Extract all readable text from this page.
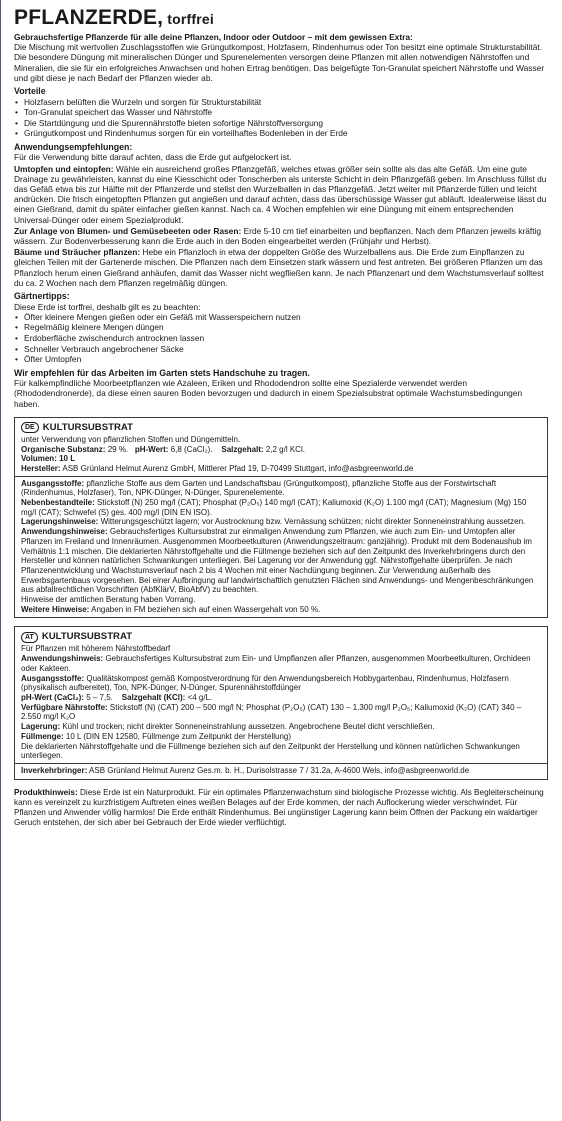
PFLANZERDE, torffrei

Gebrauchsfertige Pflanzerde für alle deine Pflanzen, Indoor oder Outdoor – mit dem gewissen Extra:

Die Mischung mit wertvollen Zuschlagsstoffen wie Grüngutkompost, Holzfasern, Rindenhumus oder Ton besitzt eine optimale Strukturstabilität. Die besondere Düngung mit mineralischen Dünger und Spurenelementen versorgen deine Pflanzen mit allen notwendigen Nährstoffen und Mineralien, die sie für ein erfolgreiches Anwachsen und hohen Ertrag benötigen. Das beigefügte Ton-Granulat speichert Nährstoffe und Wasser und gibt diese je nach Bedarf der Pflanzen wieder ab.

Vorteile

• Holzfasern belüften die Wurzeln und sorgen für Strukturstabilität
• Ton-Granulat speichert das Wasser und Nährstoffe
• Die Startdüngung und die Spurennährstoffe bieten sofortige Nährstoffversorgung
• Grüngutkompost und Rindenhumus sorgen für ein vorteilhaftes Bodenleben in der Erde

Anwendungsempfehlungen:

Für die Verwendung bitte darauf achten, dass die Erde gut aufgelockert ist.

Umtopfen und eintopfen: Wähle ein ausreichend großes Pflanzgefäß, welches etwas größer sein sollte als das alte Gefäß. Um eine gute Drainage zu gewährleisten, kannst du eine Kiesschicht oder Tonscherben als unterste Schicht in dein Pflanzgefäß geben. Im Anschluss füllst du das Gefäß etwa bis zur Hälfte mit der Pflanzerde und stellst den Wurzelballen in das Pflanzgefäß. Jetzt weiter mit Pflanzerde füllen und leicht andrücken. Die frisch eingetopften Pflanzen gut angießen und darauf achten, dass das überschüssige Wasser gut abläuft. Idealerweise lässt du einen Gießrand, damit du später einfacher gießen kannst. Nach ca. 4 Wochen empfehlen wir eine Düngung mit einem entsprechenden Universal-Dünger oder einem Spezialprodukt.

Zur Anlage von Blumen- und Gemüsebeeten oder Rasen: Erde 5-10 cm tief einarbeiten und bepflanzen. Nach dem Pflanzen jeweils kräftig wässern. Zur Bodenverbesserung kann die Erde auch in den Boden eingearbeitet werden (Frühjahr und Herbst).

Bäume und Sträucher pflanzen: Hebe ein Pflanzloch in etwa der doppelten Größe des Wurzelballens aus. Die Erde zum Einpflanzen zu gleichen Teilen mit der Gartenerde mischen. Die Pflanzen nach dem Einsetzen stark wässern und fest antreten. Bei größeren Pflanzen um das Pflanzloch herum einen Gießrand anhäufen, damit das Wasser nicht wegfließen kann. Je nach Pflanzenart und dem Wachstumsverlauf solltest du ca. 2 Wochen nach dem Pflanzen regelmäßig düngen.

Gärtnertipps:

Diese Erde ist torffrei, deshalb gilt es zu beachten:

• Öfter kleinere Mengen gießen oder ein Gefäß mit Wasserspeichern nutzen
• Regelmäßig kleinere Mengen düngen
• Erdoberfläche zwischendurch antrocknen lassen
• Schneller Verbrauch angebrochener Säcke
• Öfter Umtopfen

Wir empfehlen für das Arbeiten im Garten stets Handschuhe zu tragen.

Für kalkempfindliche Moorbeetpflanzen wie Azaleen, Eriken und Rhododendron sollte eine Spezialerde verwendet werden (Rhododendronerde), da diese einen sauren Boden bevorzugen und dadurch in einem Spezialsubstrat optimale Wachstumsbedingungen haben.

DE KULTURSUBSTRAT

unter Verwendung von pflanzlichen Stoffen und Düngemitteln.

Organische Substanz: 29 %. pH-Wert: 6,8 (CaCl₂). Salzgehalt: 2,2 g/l KCl.

Volumen: 10 L

Hersteller: ASB Grünland Helmut Aurenz GmbH, Mittlerer Pfad 19, D-70499 Stuttgart, info@asbgreenworld.de

Ausgangsstoffe: pflanzliche Stoffe aus dem Garten und Landschaftsbau (Grüngutkompost), pflanzliche Stoffe aus der Forstwirtschaft (Rindenhumus, Holzfaser), Ton, NPK-Dünger, N-Dünger, Spurenelemente.

Nebenbestandteile: Stickstoff (N) 250 mg/l (CAT); Phosphat (P₂O₅) 140 mg/l (CAT); Kaliumoxid (K₂O) 1.100 mg/l (CAT); Magnesium (Mg) 150 mg/l (CAT); Schwefel (S) ges. 400 mg/l (DIN EN ISO).

Lagerungshinweise: Witterungsgeschützt lagern; vor Austrocknung bzw. Vernässung schützen; nicht direkter Sonneneinstrahlung aussetzen.

Anwendungshinweise: Gebrauchsfertiges Kultursubstrat zur einmaligen Anwendung zum Pflanzen, wie auch zum Ein- und Umtopfen aller Pflanzen im Freiland und Innenräumen. Ausgenommen Moorbeetkulturen (Anwendungszeitraum: ganzjährig). Produkt mit dem Bodenaushub im Verhältnis 1:1 mischen. Die deklarierten Nährstoffgehalte und die Füllmenge beziehen sich auf den Zeitpunkt des Inverkehrbringens durch den Hersteller und können natürlichen Schwankungen unterliegen. Bei Lagerung vor der Anwendung ggf. Nährstoffgehalte überprüfen. Je nach Pflanzenentwicklung und Wachstumsverlauf nach 2 bis 4 Wochen mit einer Nachdüngung beginnen. Zur Verwendung außerhalb des Erwerbsgartenbaus vorgesehen. Bei einer Aufbringung auf landwirtschaftlich genutzten Flächen sind Anwendungs- und Mengenbeschränkungen aus abfallrechtlichen Vorschriften (AbfKlärV, BioAbfV) zu beachten.

Hinweise der amtlichen Beratung haben Vorrang.

Weitere Hinweise: Angaben in FM beziehen sich auf einen Wassergehalt von 50 %.

AT KULTURSUBSTRAT

Für Pflanzen mit höherem Nährstoffbedarf

Anwendungshinweis: Gebrauchsfertiges Kultursubstrat zum Ein- und Umpflanzen aller Pflanzen, ausgenommen Moorbeetkulturen, Orchideen oder Kakteen.

Ausgangsstoffe: Qualitätskompost gemäß Kompostverordnung für den Anwendungsbereich Hobbygartenbau, Rindenhumus, Holzfasern (physikalisch aufbereitet), Ton, NPK-Dünger, N-Dünger, Spurennährstoffdünger

pH-Wert (CaCl₂): 5 – 7,5. Salzgehalt (KCl): <4 g/L.

Verfügbare Nährstoffe: Stickstoff (N) (CAT) 200 – 500 mg/l N; Phosphat (P₂O₅) (CAT) 130 – 1.300 mg/l P₂O₅; Kaliumoxid (K₂O) (CAT) 340 – 2.550 mg/l K₂O

Lagerung: Kühl und trocken; nicht direkter Sonneneinstrahlung aussetzen. Angebrochene Beutel dicht verschließen.

Füllmenge: 10 L (DIN EN 12580, Füllmenge zum Zeitpunkt der Herstellung)

Die deklarierten Nährstoffgehalte und die Füllmenge beziehen sich auf den Zeitpunkt der Herstellung und können natürlichen Schwankungen unterliegen.

Inverkehrbringer: ASB Grünland Helmut Aurenz Ges.m. b. H., Durisolstrasse 7 / 31.2a, A-4600 Wels, info@asbgreenworld.de

Produkthinweis: Diese Erde ist ein Naturprodukt. Für ein optimales Pflanzenwachstum sind biologische Prozesse wichtig. Als Begleiterscheinung kann es vereinzelt zu kurzfristigem Auftreten eines weißen Belages auf der Erde kommen, der nach Auflockerung wieder verschwindet. Für Pflanzen und Anwender völlig harmlos! Die Erde enthält Rindenhumus. Bei ungünstiger Lagerung kann beim Öffnen der Packung ein waldartiger Geruch entstehen, der sich aber bei Gebrauch der Erde wieder verflüchtigt.
